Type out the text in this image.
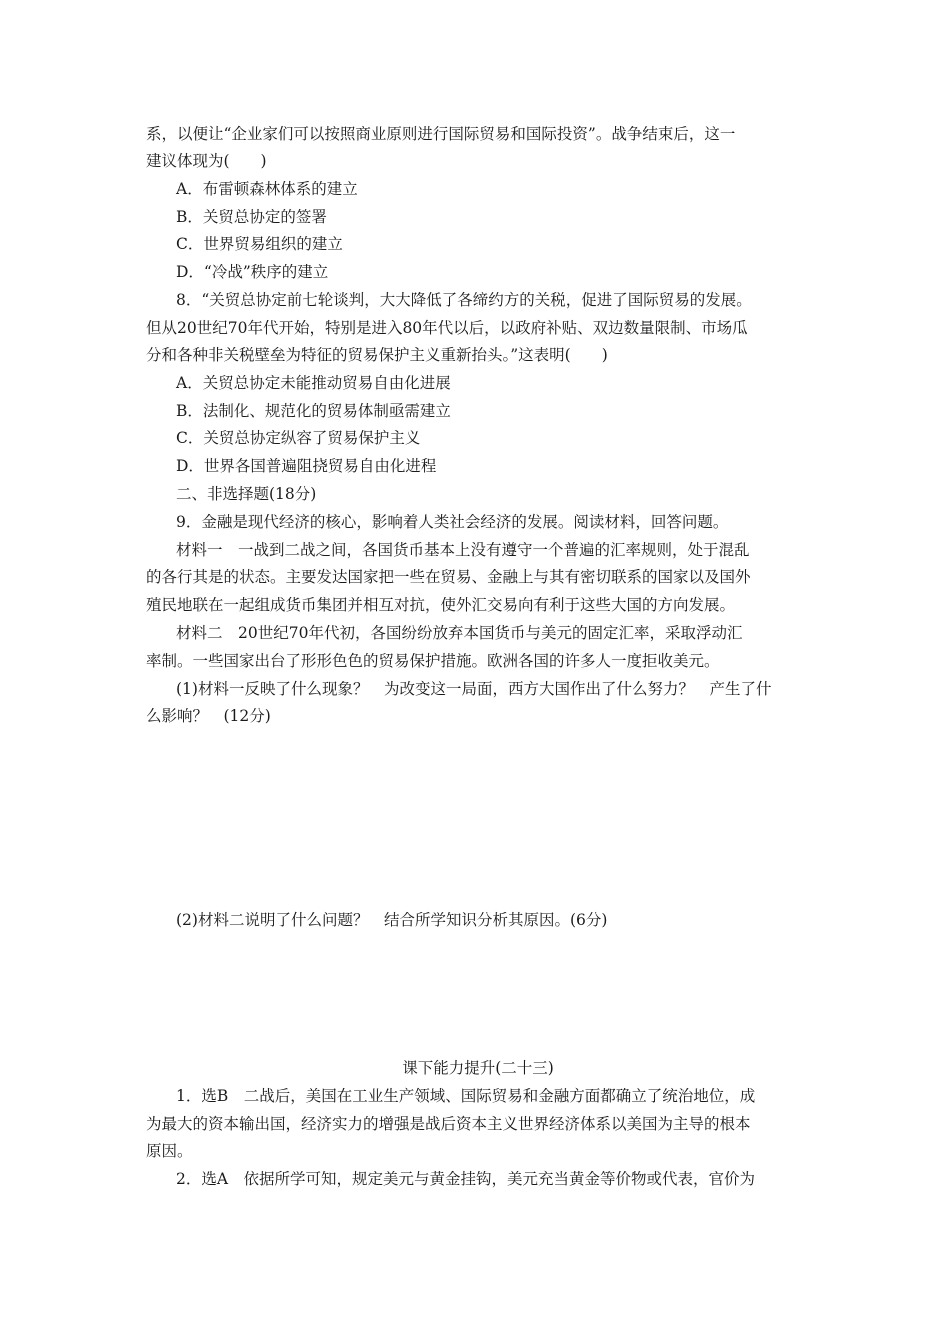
系，以便让“企业家们可以按照商业原则进行国际贸易和国际投资”。战争结束后，这一
建议体现为(　　)
A．布雷顿森林体系的建立
B．关贸总协定的签署
C．世界贸易组织的建立
D．“冷战”秩序的建立
8．“关贸总协定前七轮谈判，大大降低了各缔约方的关税，促进了国际贸易的发展。
但从20世纪70年代开始，特别是进入80年代以后，以政府补贴、双边数量限制、市场瓜
分和各种非关税壁垒为特征的贸易保护主义重新抬头。”这表明(　　)
A．关贸总协定未能推动贸易自由化进展
B．法制化、规范化的贸易体制亟需建立
C．关贸总协定纵容了贸易保护主义
D．世界各国普遍阻挠贸易自由化进程
二、非选择题(18分)
9．金融是现代经济的核心，影响着人类社会经济的发展。阅读材料，回答问题。
材料一　一战到二战之间，各国货币基本上没有遵守一个普遍的汇率规则，处于混乱
的各行其是的状态。主要发达国家把一些在贸易、金融上与其有密切联系的国家以及国外
殖民地联在一起组成货币集团并相互对抗，使外汇交易向有利于这些大国的方向发展。
材料二　20世纪70年代初，各国纷纷放弃本国货币与美元的固定汇率，采取浮动汇
率制。一些国家出台了形形色色的贸易保护措施。欧洲各国的许多人一度拒收美元。
(1)材料一反映了什么现象？　为改变这一局面，西方大国作出了什么努力？　产生了什
么影响？　(12分)
(2)材料二说明了什么问题？　结合所学知识分析其原因。(6分)
课下能力提升(二十三)
1．选B　二战后，美国在工业生产领域、国际贸易和金融方面都确立了统治地位，成
为最大的资本输出国，经济实力的增强是战后资本主义世界经济体系以美国为主导的根本
原因。
2．选A　依据所学可知，规定美元与黄金挂钩，美元充当黄金等价物或代表，官价为
